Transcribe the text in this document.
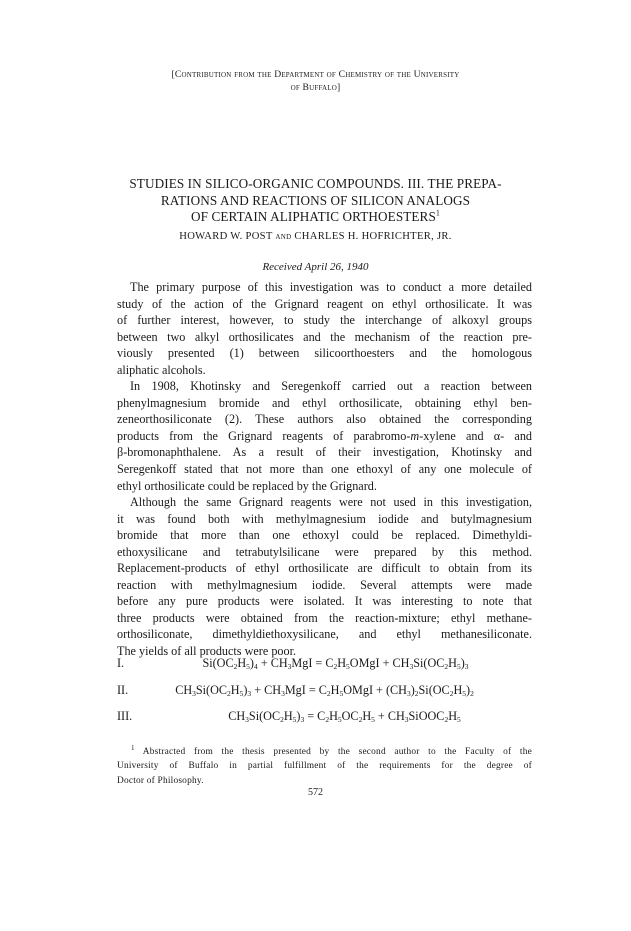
[Contribution from the Department of Chemistry of the University
of Buffalo]
STUDIES IN SILICO-ORGANIC COMPOUNDS. III. THE PREPA-
RATIONS AND REACTIONS OF SILICON ANALOGS
OF CERTAIN ALIPHATIC ORTHOESTERS$^1$
HOWARD W. POST and CHARLES H. HOFRICHTER, JR.
Received April 26, 1940
The primary purpose of this investigation was to conduct a more detailed
study of the action of the Grignard reagent on ethyl orthosilicate. It was
of further interest, however, to study the interchange of alkoxyl groups
between two alkyl orthosilicates and the mechanism of the reaction pre-
viously presented (1) between silicoorthoesters and the homologous
aliphatic alcohols.
In 1908, Khotinsky and Seregenkoff carried out a reaction between
phenylmagnesium bromide and ethyl orthosilicate, obtaining ethyl ben-
zeneorthosiliconate (2). These authors also obtained the corresponding
products from the Grignard reagents of parabromo-m-xylene and α- and
β-bromonaphthalene. As a result of their investigation, Khotinsky and
Seregenkoff stated that not more than one ethoxyl of any one molecule of
ethyl orthosilicate could be replaced by the Grignard.
Although the same Grignard reagents were not used in this investigation,
it was found both with methylmagnesium iodide and butylmagnesium
bromide that more than one ethoxyl could be replaced. Dimethyldi-
ethoxysilicane and tetrabutylsilicane were prepared by this method.
Replacement-products of ethyl orthosilicate are difficult to obtain from its
reaction with methylmagnesium iodide. Several attempts were made
before any pure products were isolated. It was interesting to note that
three products were obtained from the reaction-mixture; ethyl methane-
orthosiliconate, dimethyldiethoxysilicane, and ethyl methanesiliconate.
The yields of all products were poor.
I.	$Si(OC_2H_5)_4 + CH_3MgI$ = $C_2H_5OMgI + CH_3Si(OC_2H_5)_3$
II.	$CH_3Si(OC_2H_5)_3 + CH_3MgI$ = $C_2H_5OMgI + (CH_3)_2Si(OC_2H_5)_2$
III.	$CH_3Si(OC_2H_5)_3 = C_2H_5OC_2H_5$ + $CH_3SiOOC_2H_5$
$^1$ Abstracted from the thesis presented by the second author to the Faculty of the
University of Buffalo in partial fulfillment of the requirements for the degree of
Doctor of Philosophy.
572
